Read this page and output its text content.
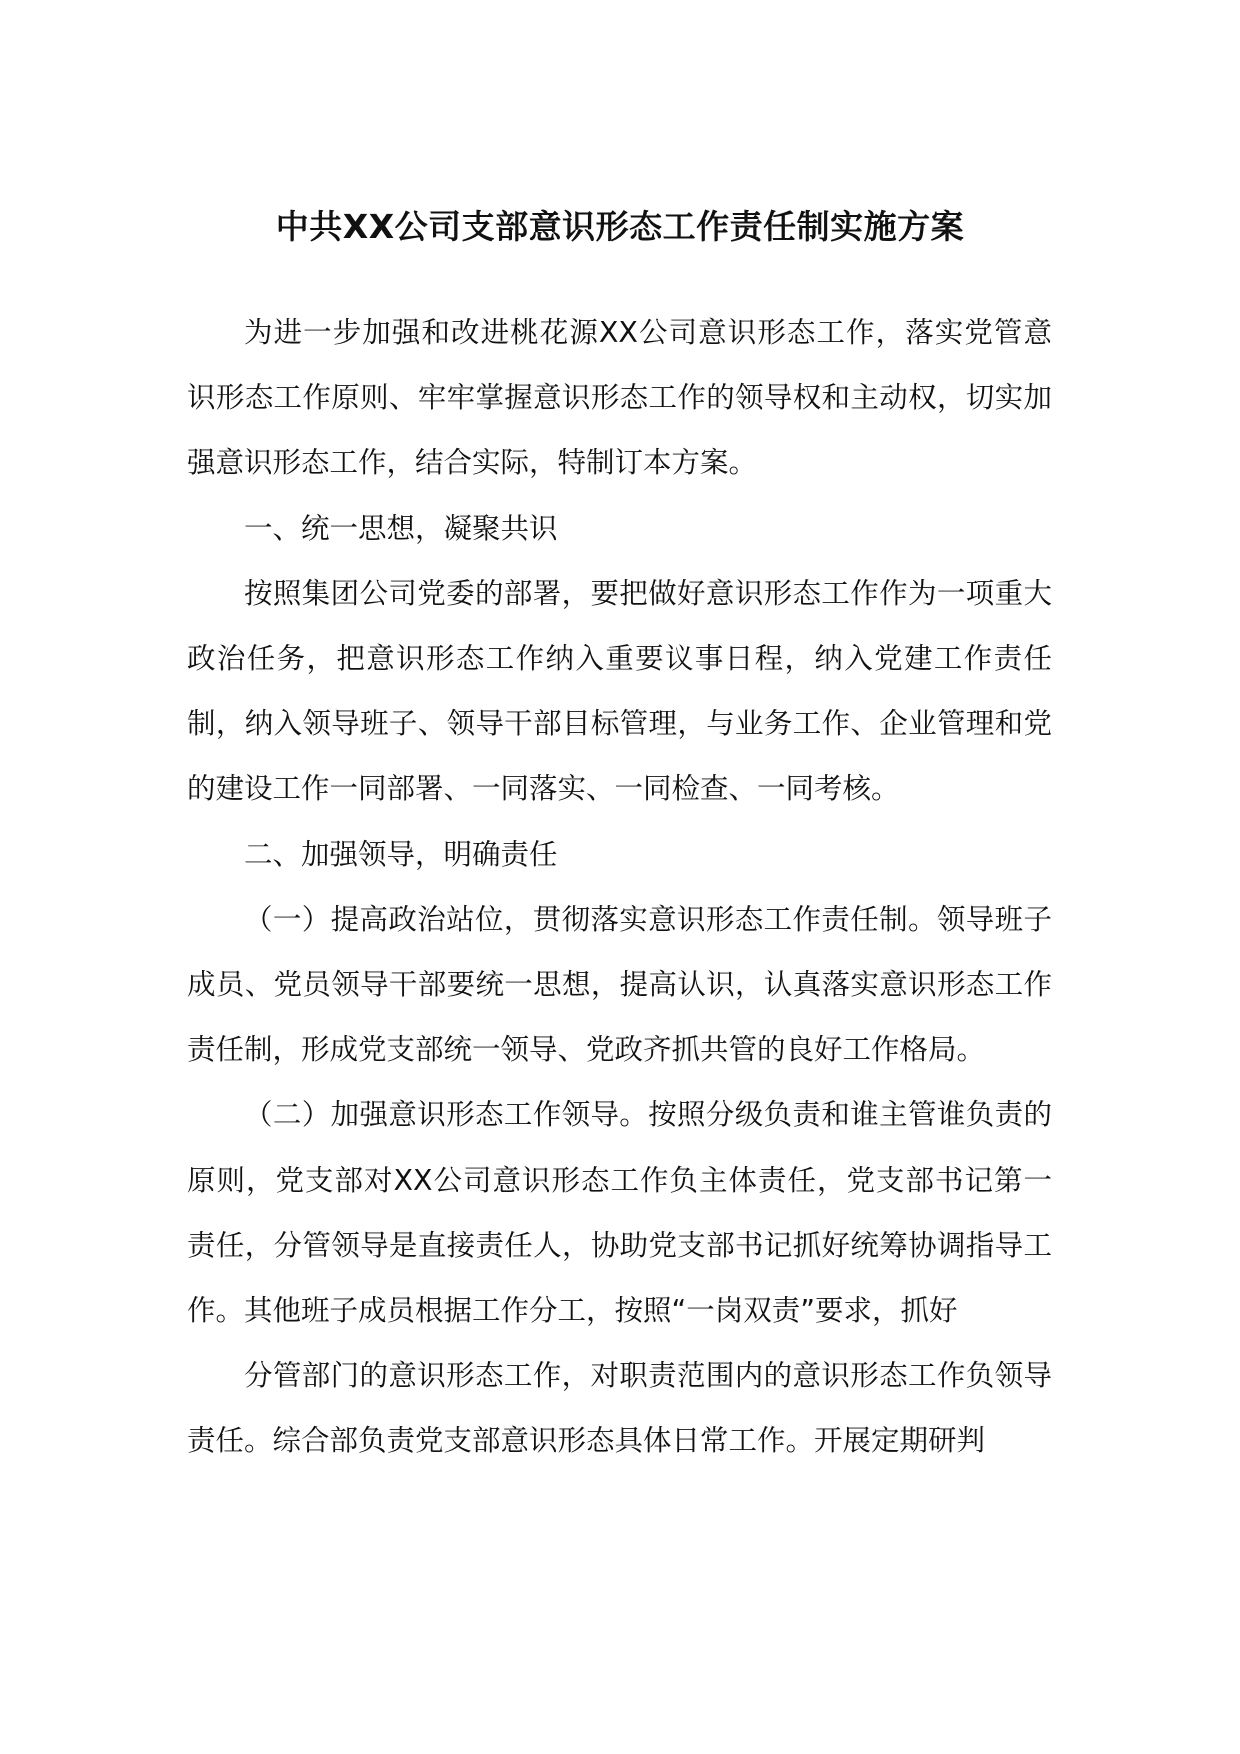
中共XX公司支部意识形态工作责任制实施方案

为进一步加强和改进桃花源XX公司意识形态工作，落实党管意识形态工作原则、牢牢掌握意识形态工作的领导权和主动权，切实加强意识形态工作，结合实际，特制订本方案。

一、统一思想，凝聚共识

按照集团公司党委的部署，要把做好意识形态工作作为一项重大政治任务，把意识形态工作纳入重要议事日程，纳入党建工作责任制，纳入领导班子、领导干部目标管理，与业务工作、企业管理和党的建设工作一同部署、一同落实、一同检查、一同考核。

二、加强领导，明确责任

（一）提高政治站位，贯彻落实意识形态工作责任制。领导班子成员、党员领导干部要统一思想，提高认识，认真落实意识形态工作责任制，形成党支部统一领导、党政齐抓共管的良好工作格局。

（二）加强意识形态工作领导。按照分级负责和谁主管谁负责的原则，党支部对XX公司意识形态工作负主体责任，党支部书记第一责任，分管领导是直接责任人，协助党支部书记抓好统筹协调指导工作。其他班子成员根据工作分工，按照“一岗双责”要求，抓好

分管部门的意识形态工作，对职责范围内的意识形态工作负领导责任。综合部负责党支部意识形态具体日常工作。开展定期研判
